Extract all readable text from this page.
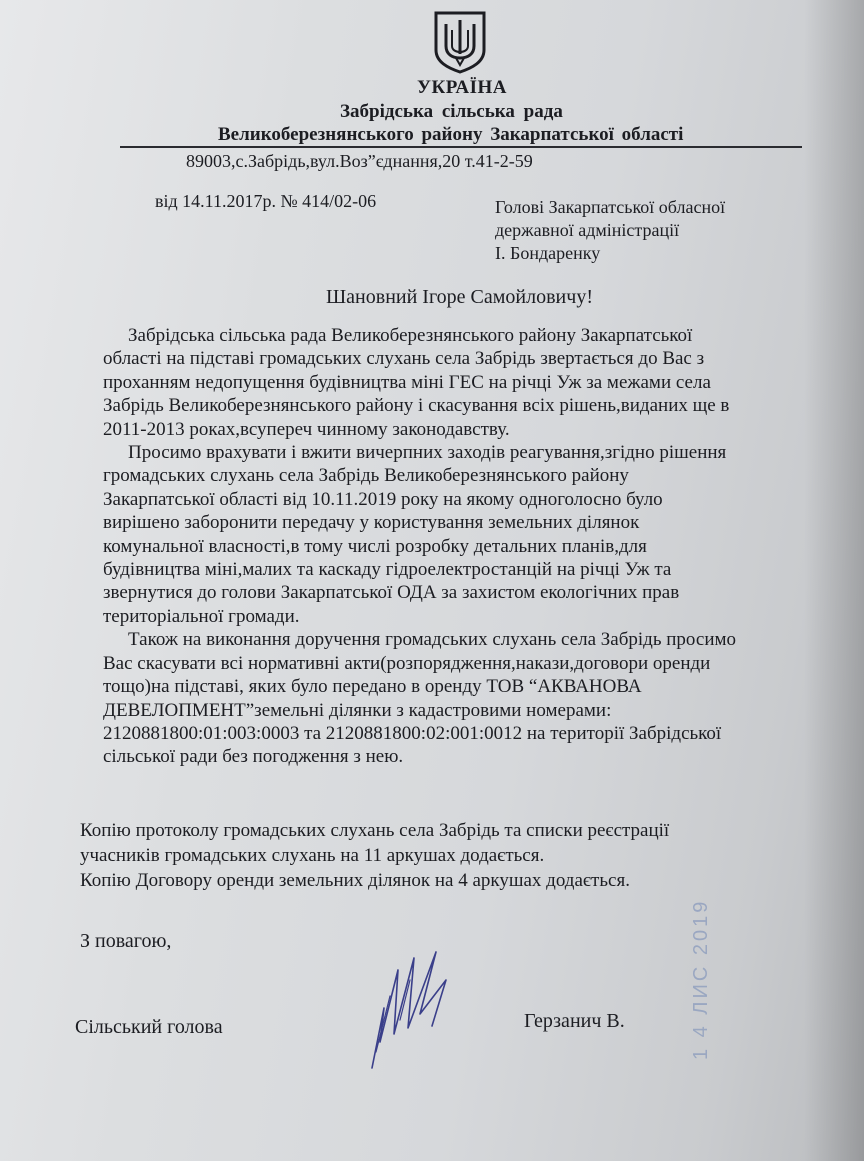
УКРАЇНА
Забрідська сільська рада
Великоберезнянського району Закарпатської області
89003,с.Забрідь,вул.Воз”єднання,20 т.41-2-59
від 14.11.2017р. № 414/02-06	Голові Закарпатської обласної
державної адміністрації
І. Бондаренку
Шановний Ігоре Самойловичу!
Забрідська сільська рада Великоберезнянського району Закарпатської
області на підставі громадських слухань села Забрідь звертається до Вас з
проханням недопущення будівництва міні ГЕС на річці Уж за межами села
Забрідь Великоберезнянського району і скасування всіх рішень,виданих ще в
2011-2013 роках,всупереч чинному законодавству.
Просимо врахувати і вжити вичерпних заходів реагування,згідно рішення
громадських слухань села Забрідь Великоберезнянського району
Закарпатської області від 10.11.2019 року на якому одноголосно було
вирішено заборонити передачу у користування земельних ділянок
комунальної власності,в тому числі розробку детальних планів,для
будівництва міні,малих та каскаду гідроелектростанцій на річці Уж та
звернутися до голови Закарпатської ОДА за захистом екологічних прав
територіальної громади.
Також на виконання доручення громадських слухань села Забрідь просимо
Вас скасувати всі нормативні акти(розпорядження,накази,договори оренди
тощо)на підставі, яких було передано в оренду ТОВ “АКВАНОВА
ДЕВЕЛОПМЕНТ”земельні ділянки з кадастровими номерами:
2120881800:01:003:0003 та 2120881800:02:001:0012 на території Забрідської
сільської ради без погодження з нею.
Копію протоколу громадських слухань села Забрідь та списки реєстрації
учасників громадських слухань на 11 аркушах додається.
Копію Договору оренди земельних ділянок на 4 аркушах додається.
З повагою,
Сільський голова	Герзанич В.	1 4 ЛИС 2019
